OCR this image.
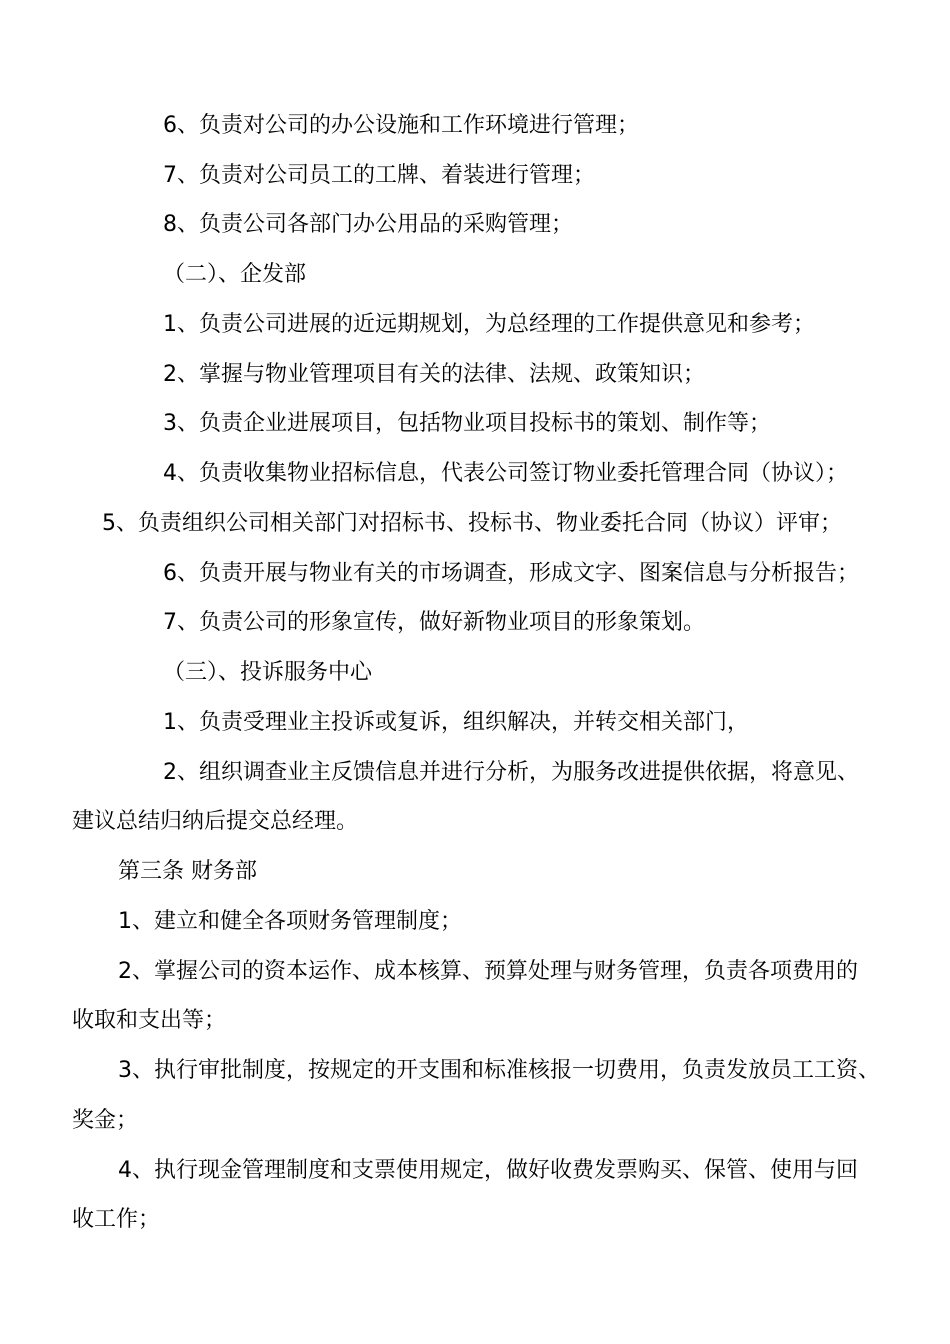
6、负责对公司的办公设施和工作环境进行管理；
7、负责对公司员工的工牌、着装进行管理；
8、负责公司各部门办公用品的采购管理；
（二）、企发部
1、负责公司进展的近远期规划，为总经理的工作提供意见和参考；
2、掌握与物业管理项目有关的法律、法规、政策知识；
3、负责企业进展项目，包括物业项目投标书的策划、制作等；
4、负责收集物业招标信息，代表公司签订物业委托管理合同（协议）；
5、负责组织公司相关部门对招标书、投标书、物业委托合同（协议）评审；
6、负责开展与物业有关的市场调查，形成文字、图案信息与分析报告；
7、负责公司的形象宣传，做好新物业项目的形象策划。
（三）、投诉服务中心
1、负责受理业主投诉或复诉，组织解决，并转交相关部门，
2、组织调查业主反馈信息并进行分析，为服务改进提供依据，将意见、
建议总结归纳后提交总经理。
第三条 财务部
1、建立和健全各项财务管理制度；
2、掌握公司的资本运作、成本核算、预算处理与财务管理，负责各项费用的
收取和支出等；
3、执行审批制度，按规定的开支围和标准核报一切费用，负责发放员工工资、
奖金；
4、执行现金管理制度和支票使用规定，做好收费发票购买、保管、使用与回
收工作；
